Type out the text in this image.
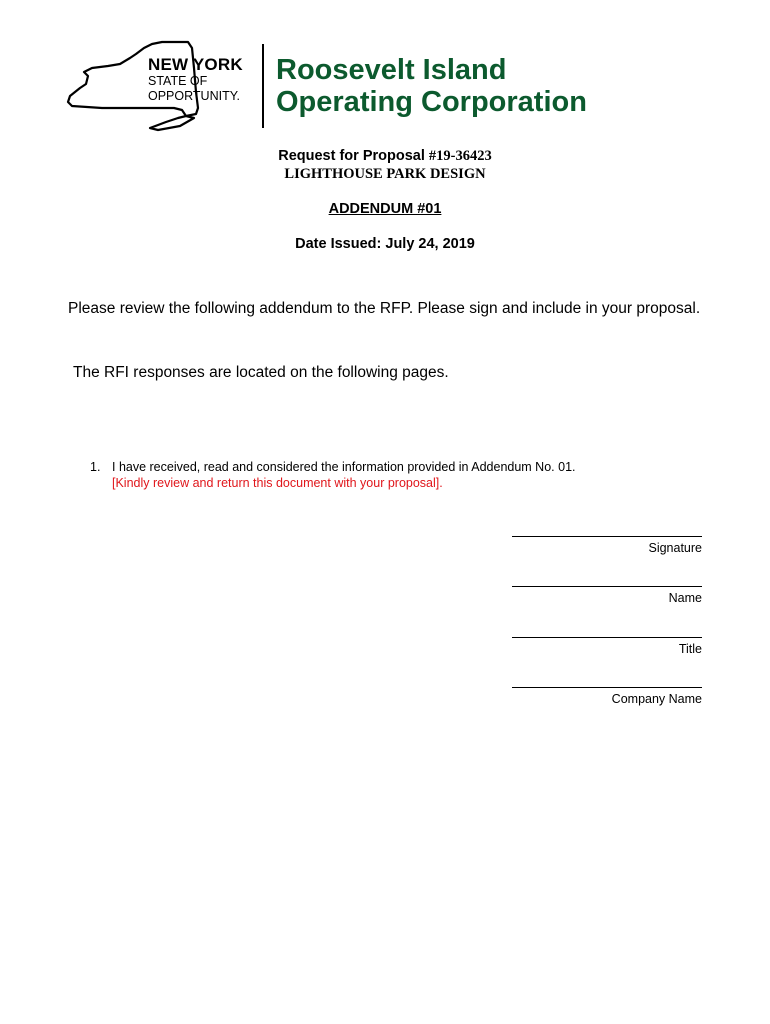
NEW YORK
STATE OF
OPPORTUNITY.
Roosevelt Island
Operating Corporation
Request for Proposal #19-36423
LIGHTHOUSE PARK DESIGN
ADDENDUM #01
Date Issued: July 24, 2019
Please review the following addendum to the RFP. Please sign and include in your proposal.
The RFI responses are located on the following pages.
1. I have received, read and considered the information provided in Addendum No. 01.
[Kindly review and return this document with your proposal].
Signature
Name
Title
Company Name
